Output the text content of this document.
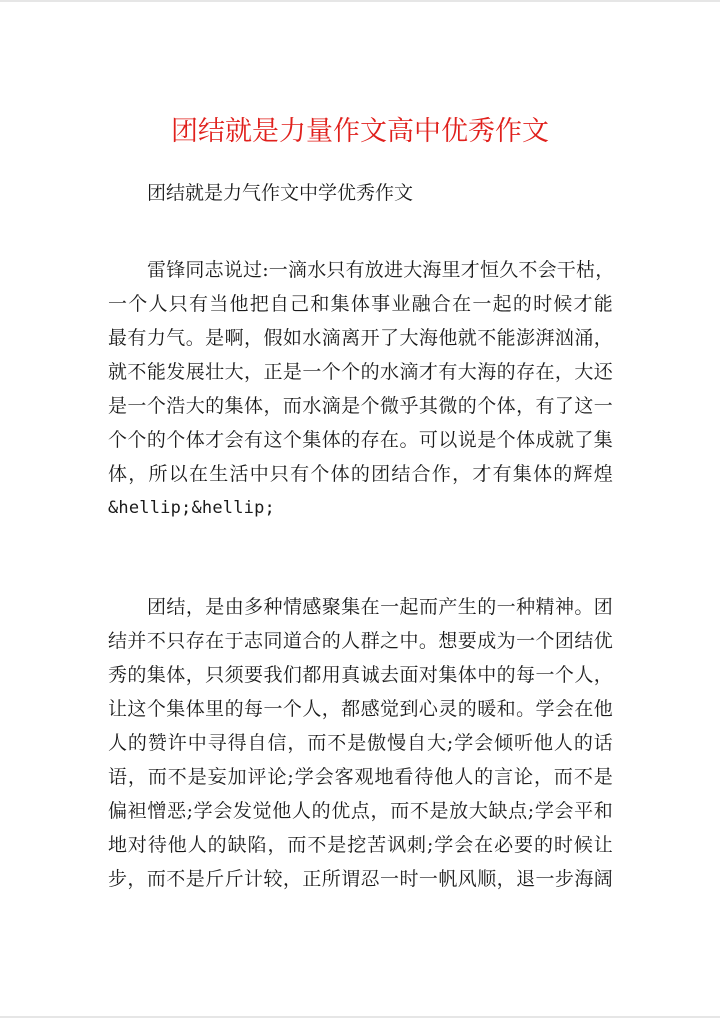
团结就是力量作文高中优秀作文
团结就是力气作文中学优秀作文
雷锋同志说过:一滴水只有放进大海里才恒久不会干枯，
一个人只有当他把自己和集体事业融合在一起的时候才能
最有力气。是啊，假如水滴离开了大海他就不能澎湃汹涌，
就不能发展壮大，正是一个个的水滴才有大海的存在，大还
是一个浩大的集体，而水滴是个微乎其微的个体，有了这一
个个的个体才会有这个集体的存在。可以说是个体成就了集
体，所以在生活中只有个体的团结合作，才有集体的辉煌
&hellip;&hellip;
团结，是由多种情感聚集在一起而产生的一种精神。团
结并不只存在于志同道合的人群之中。想要成为一个团结优
秀的集体，只须要我们都用真诚去面对集体中的每一个人，
让这个集体里的每一个人，都感觉到心灵的暖和。学会在他
人的赞许中寻得自信，而不是傲慢自大;学会倾听他人的话
语，而不是妄加评论;学会客观地看待他人的言论，而不是
偏袒憎恶;学会发觉他人的优点，而不是放大缺点;学会平和
地对待他人的缺陷，而不是挖苦讽刺;学会在必要的时候让
步，而不是斤斤计较，正所谓忍一时一帆风顺，退一步海阔
